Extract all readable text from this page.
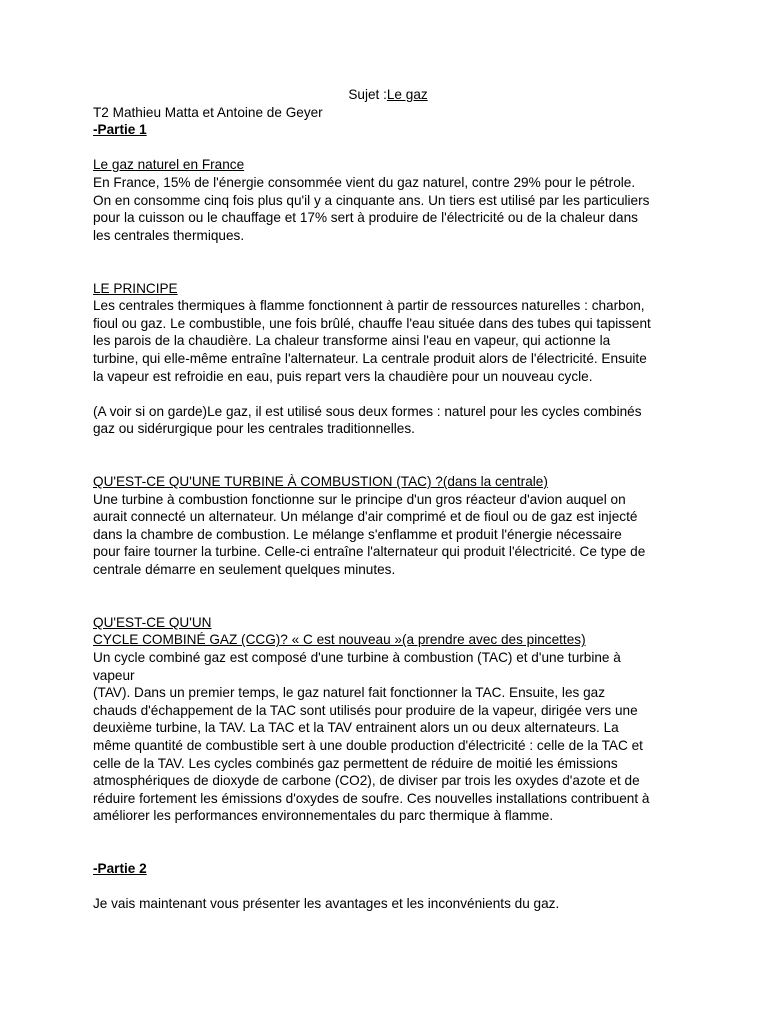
Sujet :Le gaz

T2 Mathieu Matta et Antoine de Geyer

-Partie 1

Le gaz naturel en France

En France, 15% de l'énergie consommée vient du gaz naturel, contre 29% pour le pétrole.

On en consomme cinq fois plus qu'il y a cinquante ans. Un tiers est utilisé par les particuliers

pour la cuisson ou le chauffage et 17% sert à produire de l'électricité ou de la chaleur dans

les centrales thermiques.

LE PRINCIPE

Les centrales thermiques à flamme fonctionnent à partir de ressources naturelles : charbon,

fioul ou gaz. Le combustible, une fois brûlé, chauffe l'eau située dans des tubes qui tapissent

les parois de la chaudière. La chaleur transforme ainsi l'eau en vapeur, qui actionne la

turbine, qui elle-même entraîne l'alternateur. La centrale produit alors de l'électricité. Ensuite

la vapeur est refroidie en eau, puis repart vers la chaudière pour un nouveau cycle.

(A voir si on garde)Le gaz, il est utilisé sous deux formes : naturel pour les cycles combinés

gaz ou sidérurgique pour les centrales traditionnelles.

QU'EST-CE QU'UNE TURBINE À COMBUSTION (TAC) ?(dans la centrale)

Une turbine à combustion fonctionne sur le principe d'un gros réacteur d'avion auquel on

aurait connecté un alternateur. Un mélange d'air comprimé et de fioul ou de gaz est injecté

dans la chambre de combustion. Le mélange s'enflamme et produit l'énergie nécessaire

pour faire tourner la turbine. Celle-ci entraîne l'alternateur qui produit l'électricité. Ce type de

centrale démarre en seulement quelques minutes.

QU'EST-CE QU'UN

CYCLE COMBINÉ GAZ (CCG)? « C est nouveau »(a prendre avec des pincettes)

Un cycle combiné gaz est composé d'une turbine à combustion (TAC) et d'une turbine à

vapeur

(TAV). Dans un premier temps, le gaz naturel fait fonctionner la TAC. Ensuite, les gaz

chauds d'échappement de la TAC sont utilisés pour produire de la vapeur, dirigée vers une

deuxième turbine, la TAV. La TAC et la TAV entrainent alors un ou deux alternateurs. La

même quantité de combustible sert à une double production d'électricité : celle de la TAC et

celle de la TAV. Les cycles combinés gaz permettent de réduire de moitié les émissions

atmosphériques de dioxyde de carbone (CO2), de diviser par trois les oxydes d'azote et de

réduire fortement les émissions d'oxydes de soufre. Ces nouvelles installations contribuent à

améliorer les performances environnementales du parc thermique à flamme.

-Partie 2

Je vais maintenant vous présenter les avantages et les inconvénients du gaz.
